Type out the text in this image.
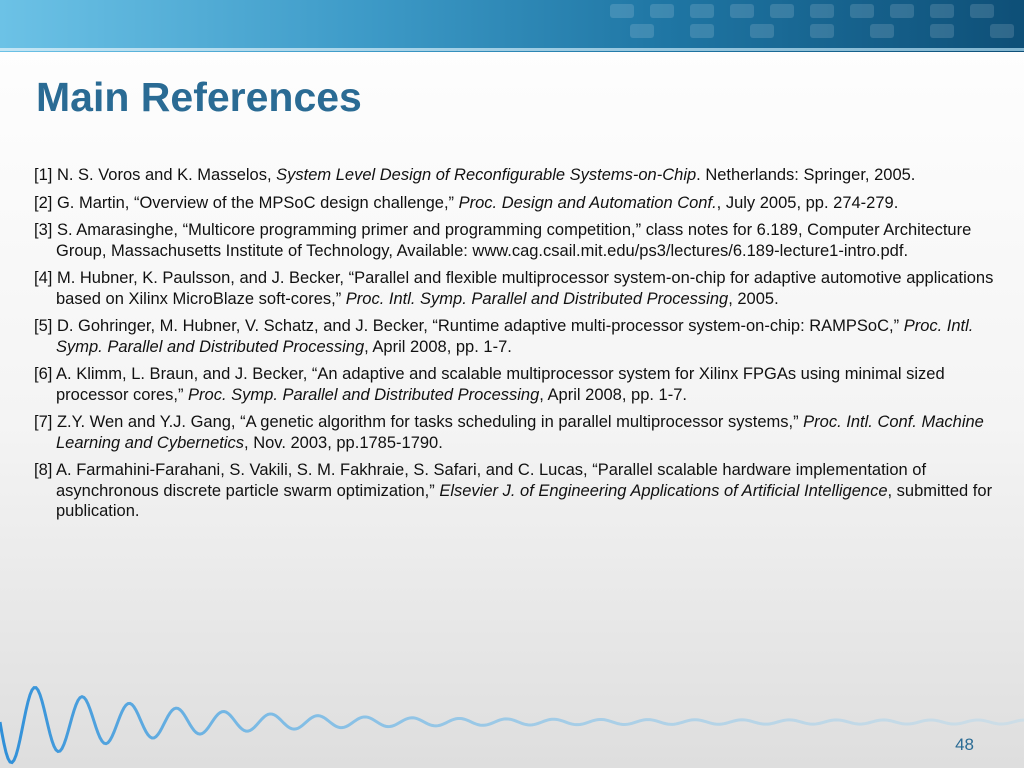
Main References
[1] N. S. Voros and K. Masselos, System Level Design of Reconfigurable Systems-on-Chip. Netherlands: Springer, 2005.
[2] G. Martin, “Overview of the MPSoC design challenge,” Proc. Design and Automation Conf., July 2005, pp. 274-279.
[3] S. Amarasinghe, “Multicore programming primer and programming competition,” class notes for 6.189, Computer Architecture Group, Massachusetts Institute of Technology, Available: www.cag.csail.mit.edu/ps3/lectures/6.189-lecture1-intro.pdf.
[4] M. Hubner, K. Paulsson, and J. Becker, “Parallel and flexible multiprocessor system-on-chip for adaptive automotive applications based on Xilinx MicroBlaze soft-cores,” Proc. Intl. Symp. Parallel and Distributed Processing, 2005.
[5] D. Gohringer, M. Hubner, V. Schatz, and J. Becker, “Runtime adaptive multi-processor system-on-chip: RAMPSoC,” Proc. Intl. Symp. Parallel and Distributed Processing, April 2008, pp. 1-7.
[6] A. Klimm, L. Braun, and J. Becker, “An adaptive and scalable multiprocessor system for Xilinx FPGAs using minimal sized processor cores,” Proc. Symp. Parallel and Distributed Processing, April 2008, pp. 1-7.
[7] Z.Y. Wen and Y.J. Gang, “A genetic algorithm for tasks scheduling in parallel multiprocessor systems,” Proc. Intl. Conf. Machine Learning and Cybernetics, Nov. 2003, pp.1785-1790.
[8] A. Farmahini-Farahani, S. Vakili, S. M. Fakhraie, S. Safari, and C. Lucas, “Parallel scalable hardware implementation of asynchronous discrete particle swarm optimization,” Elsevier J. of Engineering Applications of Artificial Intelligence, submitted for publication.
48
